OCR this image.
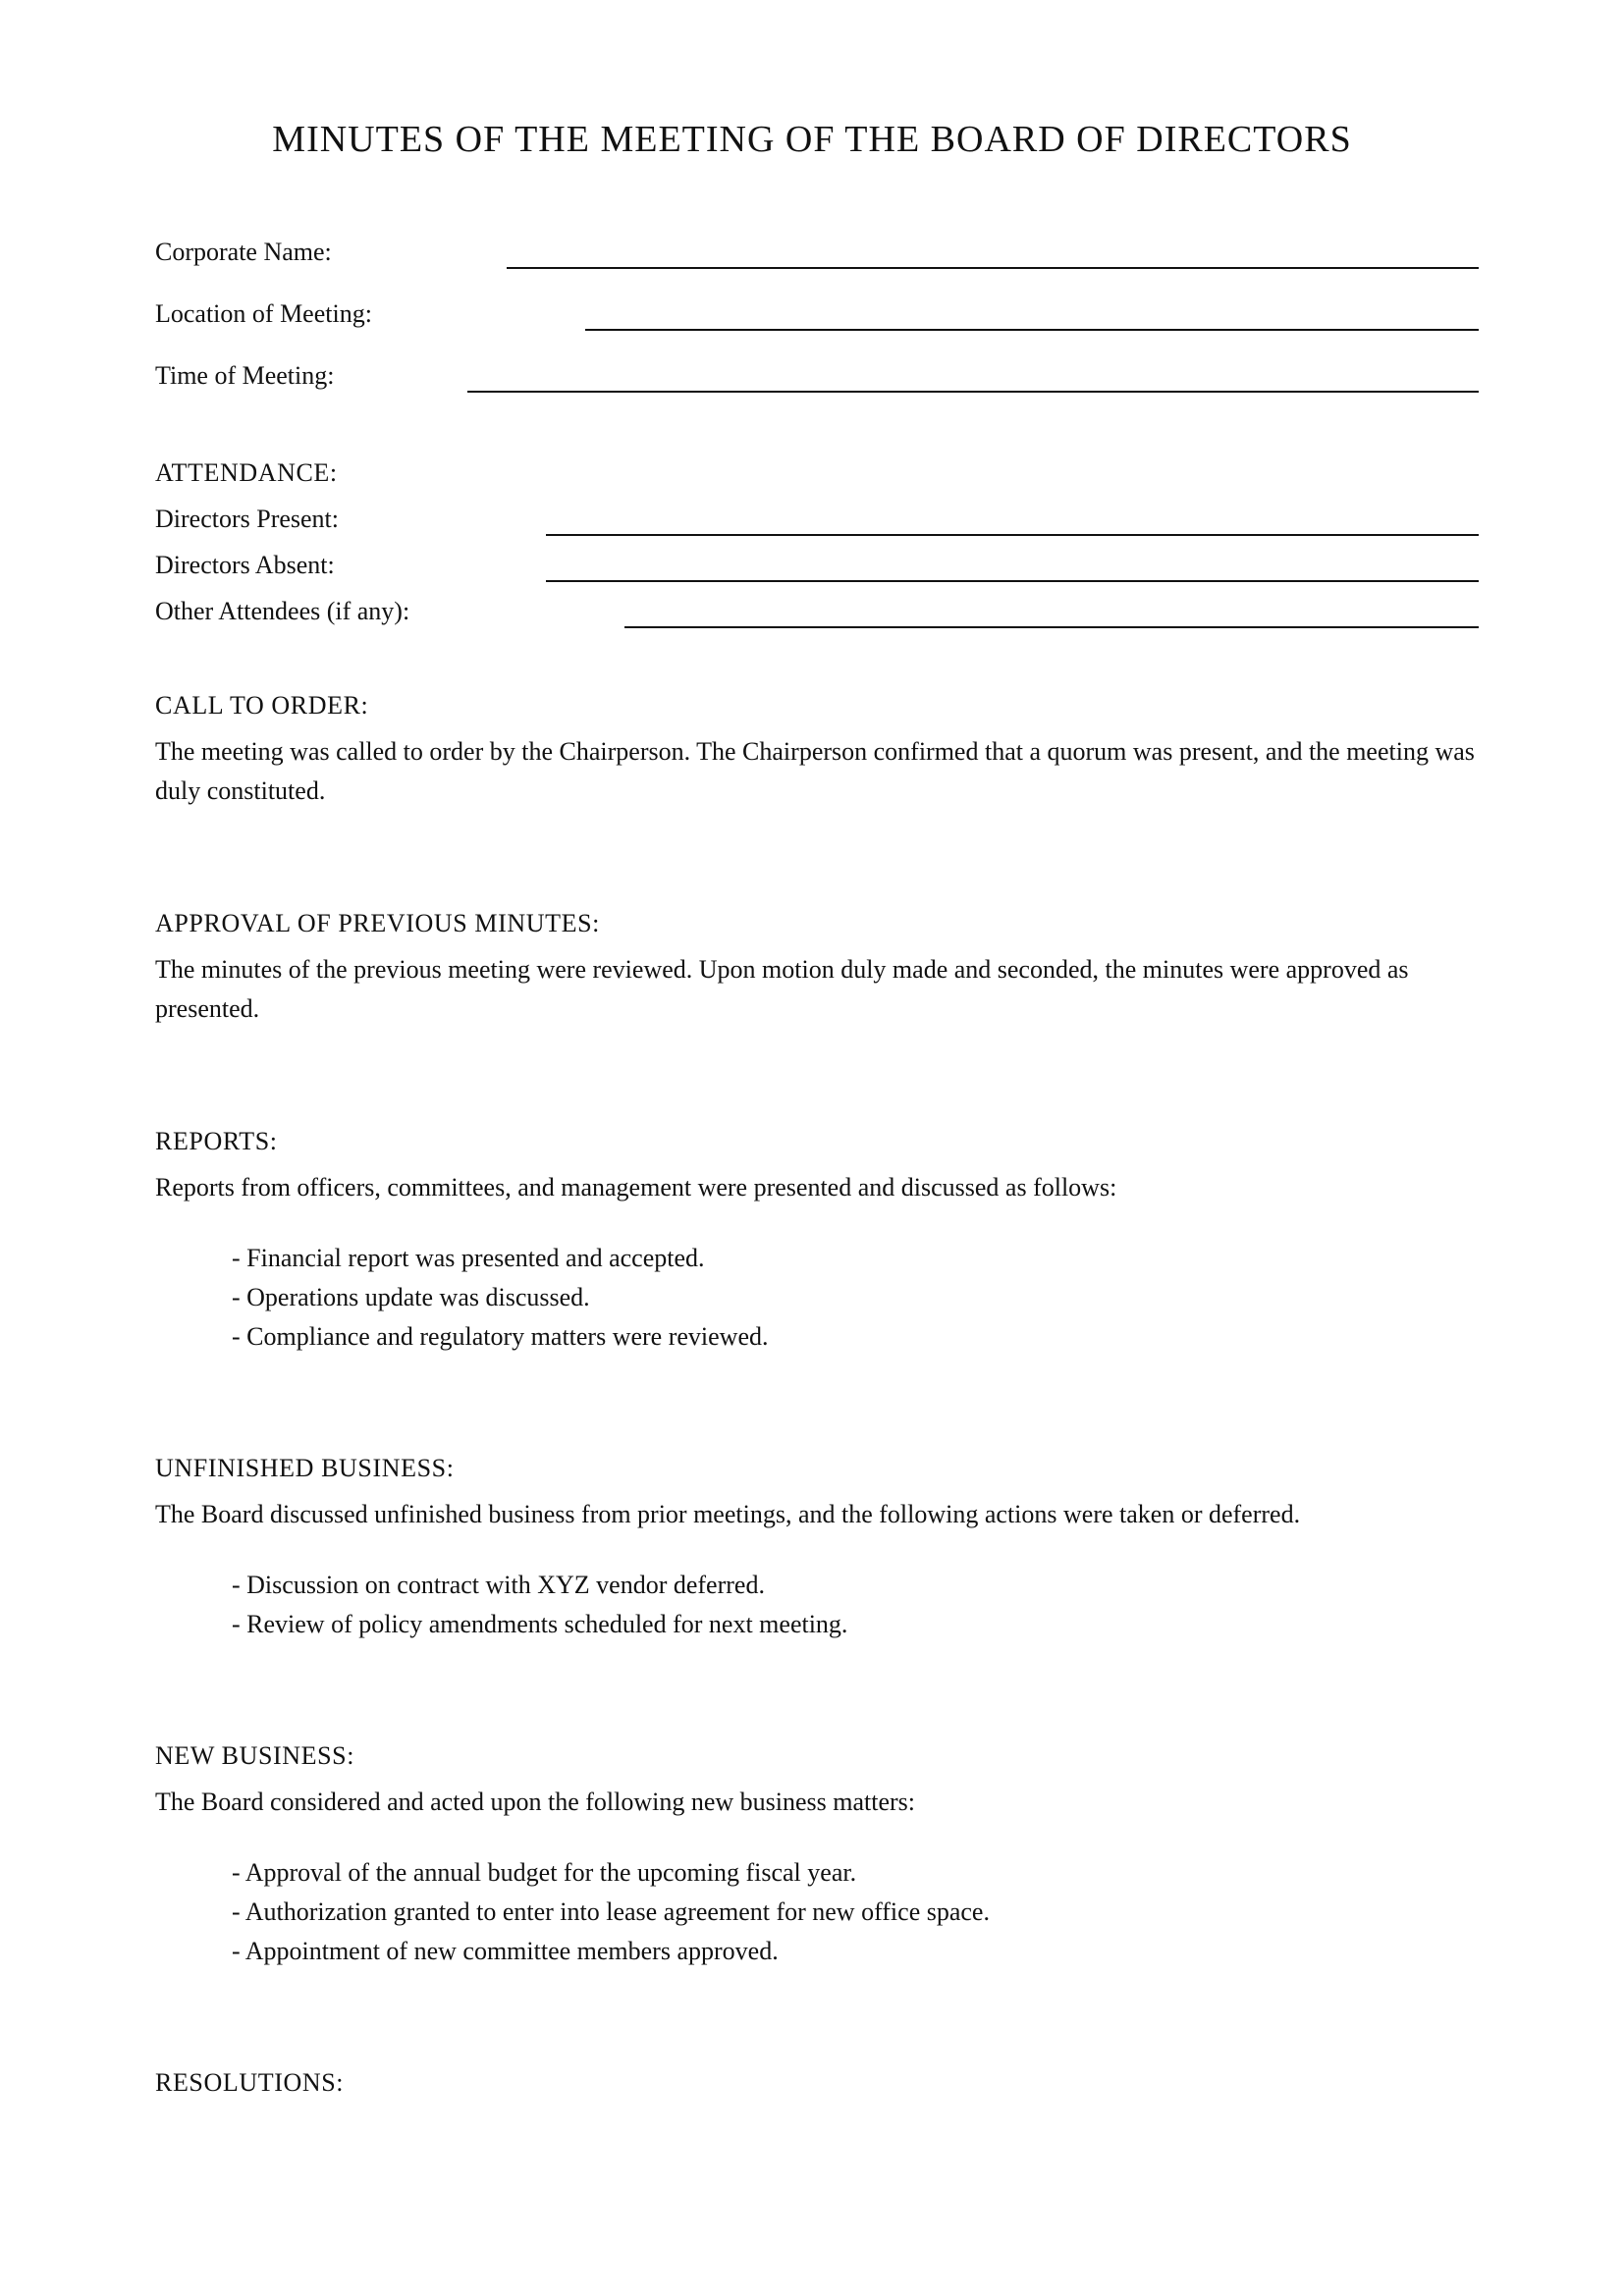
MINUTES OF THE MEETING OF THE BOARD OF DIRECTORS
Corporate Name:
Location of Meeting:
Time of Meeting:
ATTENDANCE:
Directors Present:
Directors Absent:
Other Attendees (if any):
CALL TO ORDER:
The meeting was called to order by the Chairperson. The Chairperson confirmed that a quorum was present, and the meeting was duly constituted.
APPROVAL OF PREVIOUS MINUTES:
The minutes of the previous meeting were reviewed. Upon motion duly made and seconded, the minutes were approved as presented.
REPORTS:
Reports from officers, committees, and management were presented and discussed as follows:
- Financial report was presented and accepted.
- Operations update was discussed.
- Compliance and regulatory matters were reviewed.
UNFINISHED BUSINESS:
The Board discussed unfinished business from prior meetings, and the following actions were taken or deferred.
- Discussion on contract with XYZ vendor deferred.
- Review of policy amendments scheduled for next meeting.
NEW BUSINESS:
The Board considered and acted upon the following new business matters:
- Approval of the annual budget for the upcoming fiscal year.
- Authorization granted to enter into lease agreement for new office space.
- Appointment of new committee members approved.
RESOLUTIONS:
